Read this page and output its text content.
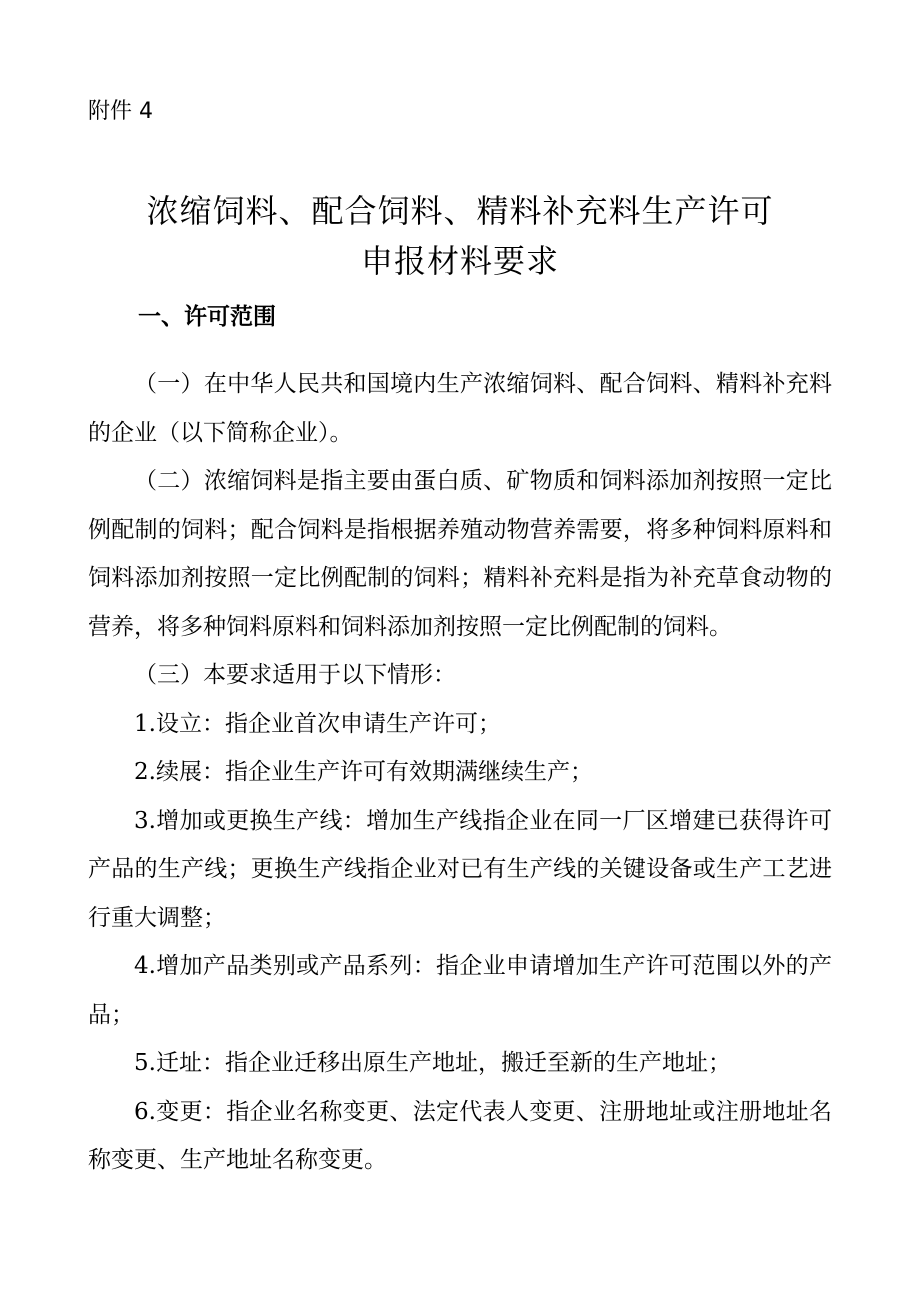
附件 4
浓缩饲料、配合饲料、精料补充料生产许可
申报材料要求
一、许可范围

（一）在中华人民共和国境内生产浓缩饲料、配合饲料、精料补充料的企业（以下简称企业）。

（二）浓缩饲料是指主要由蛋白质、矿物质和饲料添加剂按照一定比例配制的饲料；配合饲料是指根据养殖动物营养需要，将多种饲料原料和饲料添加剂按照一定比例配制的饲料；精料补充料是指为补充草食动物的营养，将多种饲料原料和饲料添加剂按照一定比例配制的饲料。

（三）本要求适用于以下情形：

1.设立：指企业首次申请生产许可；

2.续展：指企业生产许可有效期满继续生产；

3.增加或更换生产线：增加生产线指企业在同一厂区增建已获得许可产品的生产线；更换生产线指企业对已有生产线的关键设备或生产工艺进行重大调整；

4.增加产品类别或产品系列：指企业申请增加生产许可范围以外的产品；

5.迁址：指企业迁移出原生产地址，搬迁至新的生产地址；

6.变更：指企业名称变更、法定代表人变更、注册地址或注册地址名称变更、生产地址名称变更。
